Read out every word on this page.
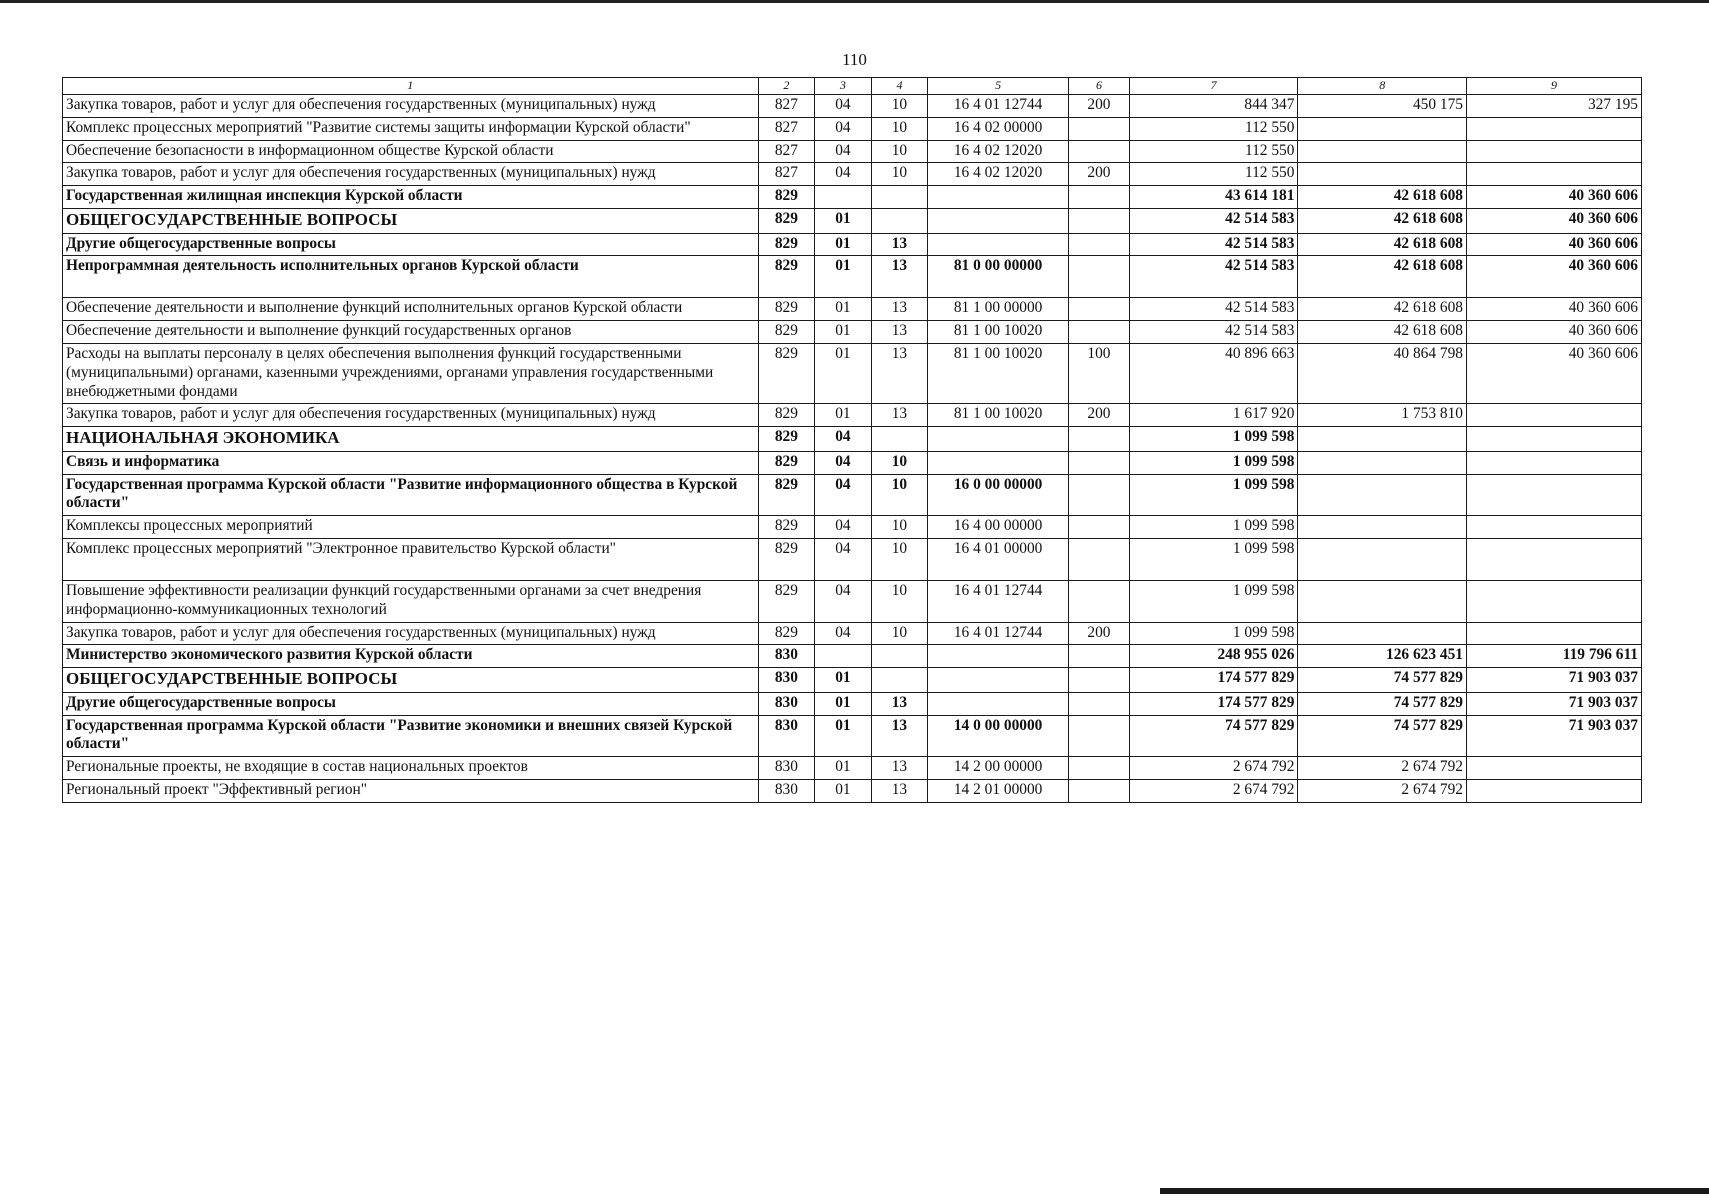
110
1	2	3	4	5	6	7	8	9
Закупка товаров, работ и услуг для обеспечения государственных (муниципальных) нужд	827	04	10	16 4 01 12744	200	844 347	450 175	327 195
Комплекс процессных мероприятий "Развитие системы защиты информации Курской области"	827	04	10	16 4 02 00000		112 550		
Обеспечение безопасности в информационном обществе Курской области	827	04	10	16 4 02 12020		112 550		
Закупка товаров, работ и услуг для обеспечения государственных (муниципальных) нужд	827	04	10	16 4 02 12020	200	112 550		
Государственная жилищная инспекция Курской области	829					43 614 181	42 618 608	40 360 606
ОБЩЕГОСУДАРСТВЕННЫЕ ВОПРОСЫ	829	01				42 514 583	42 618 608	40 360 606
Другие общегосударственные вопросы	829	01	13			42 514 583	42 618 608	40 360 606
Непрограммная деятельность исполнительных органов Курской области	829	01	13	81 0 00 00000		42 514 583	42 618 608	40 360 606
Обеспечение деятельности и выполнение функций исполнительных органов Курской области	829	01	13	81 1 00 00000		42 514 583	42 618 608	40 360 606
Обеспечение деятельности и выполнение функций государственных органов	829	01	13	81 1 00 10020		42 514 583	42 618 608	40 360 606
Расходы на выплаты персоналу в целях обеспечения выполнения функций государственными (муниципальными) органами, казенными учреждениями, органами управления государственными внебюджетными фондами	829	01	13	81 1 00 10020	100	40 896 663	40 864 798	40 360 606
Закупка товаров, работ и услуг для обеспечения государственных (муниципальных) нужд	829	01	13	81 1 00 10020	200	1 617 920	1 753 810	
НАЦИОНАЛЬНАЯ ЭКОНОМИКА	829	04				1 099 598		
Связь и информатика	829	04	10			1 099 598		
Государственная программа Курской области "Развитие информационного общества в Курской области"	829	04	10	16 0 00 00000		1 099 598		
Комплексы процессных мероприятий	829	04	10	16 4 00 00000		1 099 598		
Комплекс процессных мероприятий "Электронное правительство Курской области"	829	04	10	16 4 01 00000		1 099 598		
Повышение эффективности реализации функций государственными органами за счет внедрения информационно-коммуникационных технологий	829	04	10	16 4 01 12744		1 099 598		
Закупка товаров, работ и услуг для обеспечения государственных (муниципальных) нужд	829	04	10	16 4 01 12744	200	1 099 598		
Министерство экономического развития Курской области	830					248 955 026	126 623 451	119 796 611
ОБЩЕГОСУДАРСТВЕННЫЕ ВОПРОСЫ	830	01				174 577 829	74 577 829	71 903 037
Другие общегосударственные вопросы	830	01	13			174 577 829	74 577 829	71 903 037
Государственная программа Курской области "Развитие экономики и внешних связей Курской области"	830	01	13	14 0 00 00000		74 577 829	74 577 829	71 903 037
Региональные проекты, не входящие в состав национальных проектов	830	01	13	14 2 00 00000		2 674 792	2 674 792	
Региональный проект "Эффективный регион"	830	01	13	14 2 01 00000		2 674 792	2 674 792	
